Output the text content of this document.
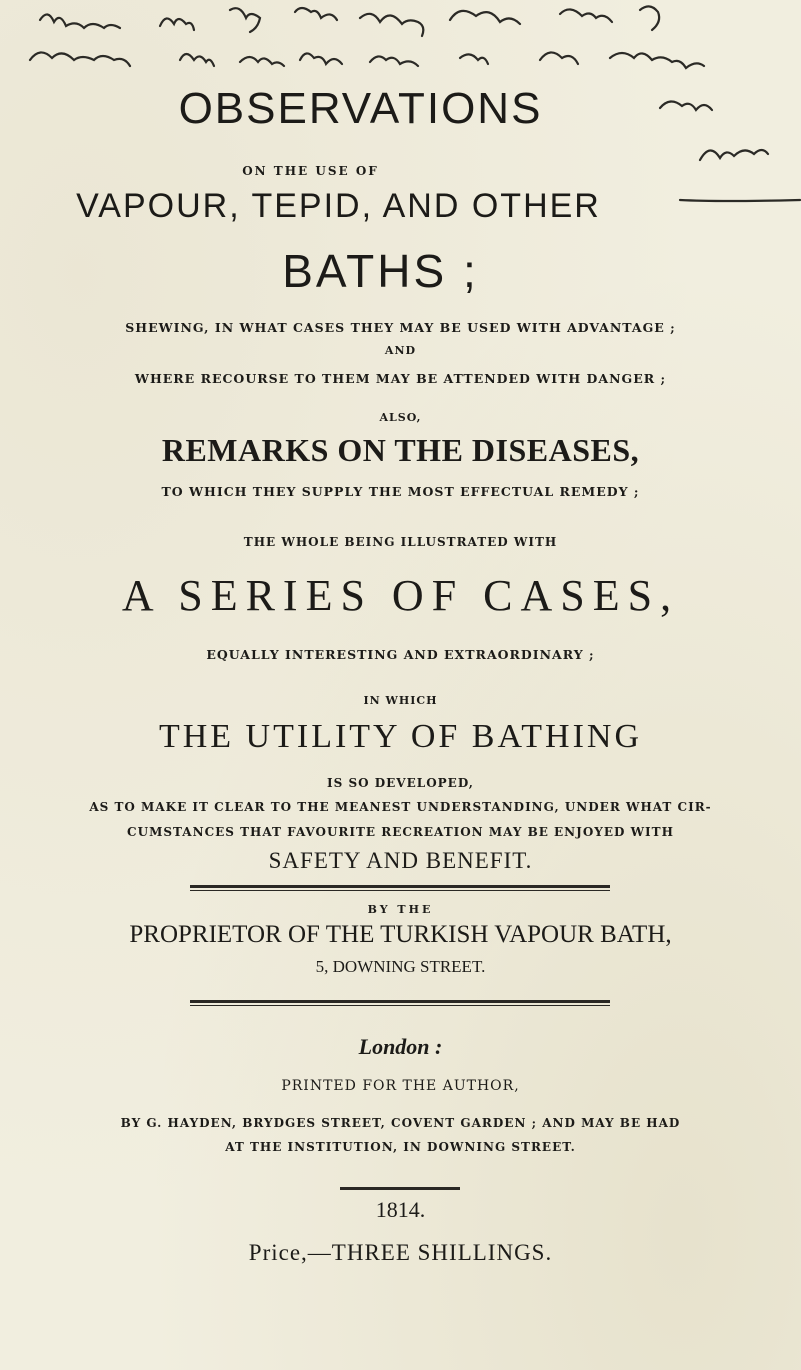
OBSERVATIONS
ON THE USE OF
VAPOUR, TEPID, AND OTHER
BATHS ;
SHEWING, IN WHAT CASES THEY MAY BE USED WITH ADVANTAGE ;
AND
WHERE RECOURSE TO THEM MAY BE ATTENDED WITH DANGER ;
ALSO,
REMARKS ON THE DISEASES,
TO WHICH THEY SUPPLY THE MOST EFFECTUAL REMEDY ;
THE WHOLE BEING ILLUSTRATED WITH
A SERIES OF CASES,
EQUALLY INTERESTING AND EXTRAORDINARY ;
IN WHICH
THE UTILITY OF BATHING
IS SO DEVELOPED,
AS TO MAKE IT CLEAR TO THE MEANEST UNDERSTANDING, UNDER WHAT CIR-
CUMSTANCES THAT FAVOURITE RECREATION MAY BE ENJOYED WITH
SAFETY AND BENEFIT.
BY THE
PROPRIETOR OF THE TURKISH VAPOUR BATH,
5, DOWNING STREET.
London :
PRINTED FOR THE AUTHOR,
BY G. HAYDEN, BRYDGES STREET, COVENT GARDEN ; AND MAY BE HAD
AT THE INSTITUTION, IN DOWNING STREET.
1814.
Price,—THREE SHILLINGS.
